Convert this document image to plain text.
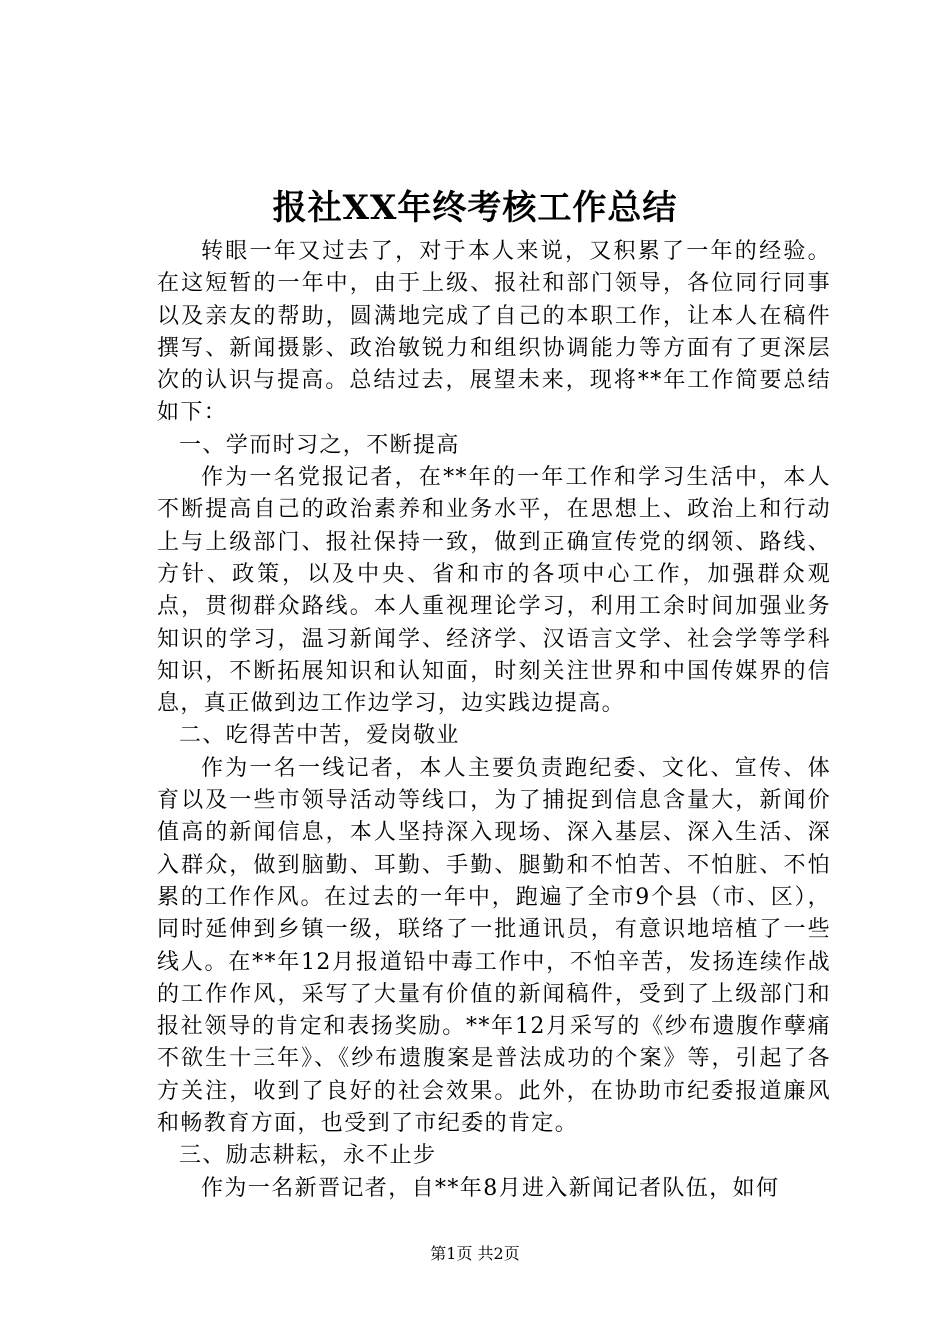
报社XX年终考核工作总结

转眼一年又过去了，对于本人来说，又积累了一年的经验。在这短暂的一年中，由于上级、报社和部门领导，各位同行同事以及亲友的帮助，圆满地完成了自己的本职工作，让本人在稿件撰写、新闻摄影、政治敏锐力和组织协调能力等方面有了更深层次的认识与提高。总结过去，展望未来，现将**年工作简要总结如下：

一、学而时习之，不断提高

作为一名党报记者，在**年的一年工作和学习生活中，本人不断提高自己的政治素养和业务水平，在思想上、政治上和行动上与上级部门、报社保持一致，做到正确宣传党的纲领、路线、方针、政策，以及中央、省和市的各项中心工作，加强群众观点，贯彻群众路线。本人重视理论学习，利用工余时间加强业务知识的学习，温习新闻学、经济学、汉语言文学、社会学等学科知识，不断拓展知识和认知面，时刻关注世界和中国传媒界的信息，真正做到边工作边学习，边实践边提高。

二、吃得苦中苦，爱岗敬业

作为一名一线记者，本人主要负责跑纪委、文化、宣传、体育以及一些市领导活动等线口，为了捕捉到信息含量大，新闻价值高的新闻信息，本人坚持深入现场、深入基层、深入生活、深入群众，做到脑勤、耳勤、手勤、腿勤和不怕苦、不怕脏、不怕累的工作作风。在过去的一年中，跑遍了全市9个县（市、区），同时延伸到乡镇一级，联络了一批通讯员，有意识地培植了一些线人。在**年12月报道铅中毒工作中，不怕辛苦，发扬连续作战的工作作风，采写了大量有价值的新闻稿件，受到了上级部门和报社领导的肯定和表扬奖励。**年12月采写的《纱布遗腹作孽痛不欲生十三年》、《纱布遗腹案是普法成功的个案》等，引起了各方关注，收到了良好的社会效果。此外，在协助市纪委报道廉风和畅教育方面，也受到了市纪委的肯定。

三、励志耕耘，永不止步

作为一名新晋记者，自**年8月进入新闻记者队伍，如何

第1页 共2页
